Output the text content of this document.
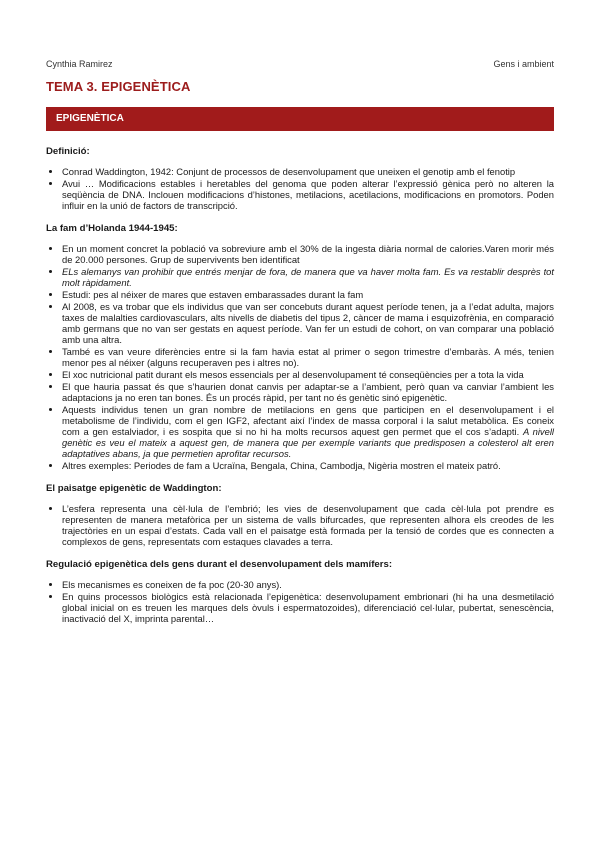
Cynthia Ramirez	Gens i ambient
TEMA 3. EPIGENÈTICA
EPIGENÈTICA
Definició:
• Conrad Waddington, 1942: Conjunt de processos de desenvolupament que uneixen el genotip amb el fenotip
• Avui … Modificacions estables i heretables del genoma que poden alterar l’expressió gènica però no alteren la seqüència de DNA. Inclouen modificacions d’histones, metilacions, acetilacions, modificacions en promotors. Poden influir en la unió de factors de transcripció.
La fam d’Holanda 1944-1945:
• En un moment concret la població va sobreviure amb el 30% de la ingesta diària normal de calories.Varen morir més de 20.000 persones. Grup de supervivents ben identificat
• ELs alemanys van prohibir que entrés menjar de fora, de manera que va haver molta fam. Es va restablir desprès tot molt ràpidament.
• Estudi: pes al néixer de mares que estaven embarassades durant la fam
• Al 2008, es va trobar que els individus que van ser concebuts durant aquest període tenen, ja a l’edat adulta, majors taxes de malalties cardiovasculars, alts nivells de diabetis del tipus 2, càncer de mama i esquizofrènia, en comparació amb germans que no van ser gestats en aquest període. Van fer un estudi de cohort, on van comparar una població amb una altra.
• També es van veure diferències entre si la fam havia estat al primer o segon trimestre d’embaràs. A més, tenien menor pes al néixer (alguns recuperaven pes i altres no).
• El xoc nutricional patit durant els mesos essencials per al desenvolupament té conseqüències per a tota la vida
• El que hauria passat és que s’haurien donat canvis per adaptar-se a l’ambient, però quan va canviar l’ambient les adaptacions ja no eren tan bones. És un procés ràpid, per tant no és genètic sinó epigenètic.
• Aquests individus tenen un gran nombre de metilacions en gens que participen en el desenvolupament i el metabolisme de l’individu, com el gen IGF2, afectant així l’index de massa corporal i la salut metabòlica. Es coneix com a gen estalviador, i es sospita que si no hi ha molts recursos aquest gen permet que el cos s’adapti. A nivell genètic es veu el mateix a aquest gen, de manera que per exemple variants que predisposen a colesterol alt eren adaptatives abans, ja que permetien aprofitar recursos.
• Altres exemples: Periodes de fam a Ucraïna, Bengala, China, Cambodja, Nigèria mostren el mateix patró.
El paisatge epigenètic de Waddington:
• L’esfera representa una cèl·lula de l’embrió; les vies de desenvolupament que cada cèl·lula pot prendre es representen de manera metafòrica per un sistema de valls bifurcades, que representen alhora els creodes de les trajectòries en un espai d’estats. Cada vall en el paisatge està formada per la tensió de cordes que es connecten a complexos de gens, representats com estaques clavades a terra.
Regulació epigenètica dels gens durant el desenvolupament dels mamífers:
• Els mecanismes es coneixen de fa poc (20-30 anys).
• En quins processos biològics està relacionada l’epigenètica: desenvolupament embrionari (hi ha una desmetilació global inicial on es treuen les marques dels òvuls i espermatozoides), diferenciació cel·lular, pubertat, senescència, inactivació del X, imprinta parental…
